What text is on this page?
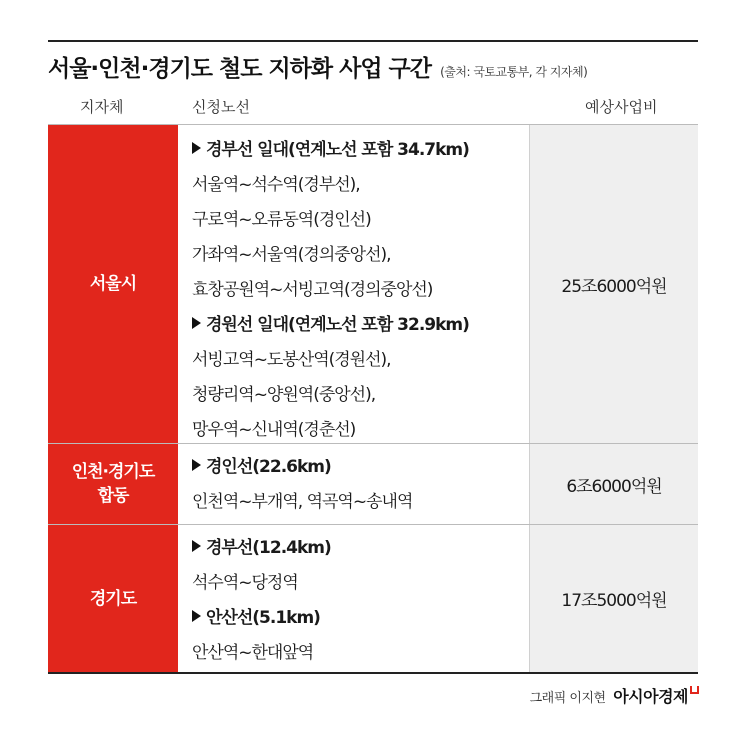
서울·인천·경기도 철도 지하화 사업 구간 (출처: 국토교통부, 각 지자체)
지자체	신청노선	예상사업비
서울시
경부선 일대(연계노선 포함 34.7km)
서울역~석수역(경부선),
구로역~오류동역(경인선)
가좌역~서울역(경의중앙선),
효창공원역~서빙고역(경의중앙선)
경원선 일대(연계노선 포함 32.9km)
서빙고역~도봉산역(경원선),
청량리역~양원역(중앙선),
망우역~신내역(경춘선)
25조6000억원
인천·경기도
합동
경인선(22.6km)
인천역~부개역, 역곡역~송내역
6조6000억원
경기도
경부선(12.4km)
석수역~당정역
안산선(5.1km)
안산역~한대앞역
17조5000억원
그래픽 이지현 아시아경제
